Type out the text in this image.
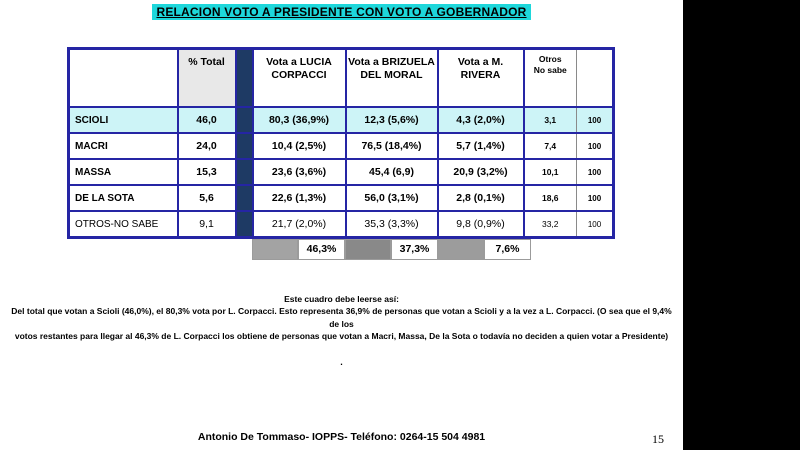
RELACION VOTO A PRESIDENTE CON VOTO A GOBERNADOR
	% Total		Vota a LUCIA CORPACCI	Vota a BRIZUELA DEL MORAL	Vota a M. RIVERA	Otros
No sabe	

SCIOLI	46,0		80,3 (36,9%)	12,3 (5,6%)	4,3 (2,0%)	3,1	100
MACRI	24,0		10,4 (2,5%)	76,5 (18,4%)	5,7 (1,4%)	7,4	100
MASSA	15,3		23,6 (3,6%)	45,4 (6,9)	20,9 (3,2%)	10,1	100
DE LA SOTA	5,6		22,6 (1,3%)	56,0 (3,1%)	2,8 (0,1%)	18,6	100
OTROS-NO SABE	9,1		21,7 (2,0%)	35,3 (3,3%)	9,8 (0,9%)	33,2	100
46,3%	37,3%	7,6%
Este cuadro debe leerse así:
Del total que votan a Scioli (46,0%), el 80,3% vota por L. Corpacci. Esto representa 36,9% de personas que votan a Scioli y a la vez a L. Corpacci. (O sea que el 9,4% de los
votos restantes para llegar al 46,3% de L. Corpacci los obtiene de personas que votan a Macri, Massa, De la Sota o todavía no deciden a quien votar a Presidente)
.
Antonio De Tommaso- IOPPS- Teléfono: 0264-15 504 4981	15
